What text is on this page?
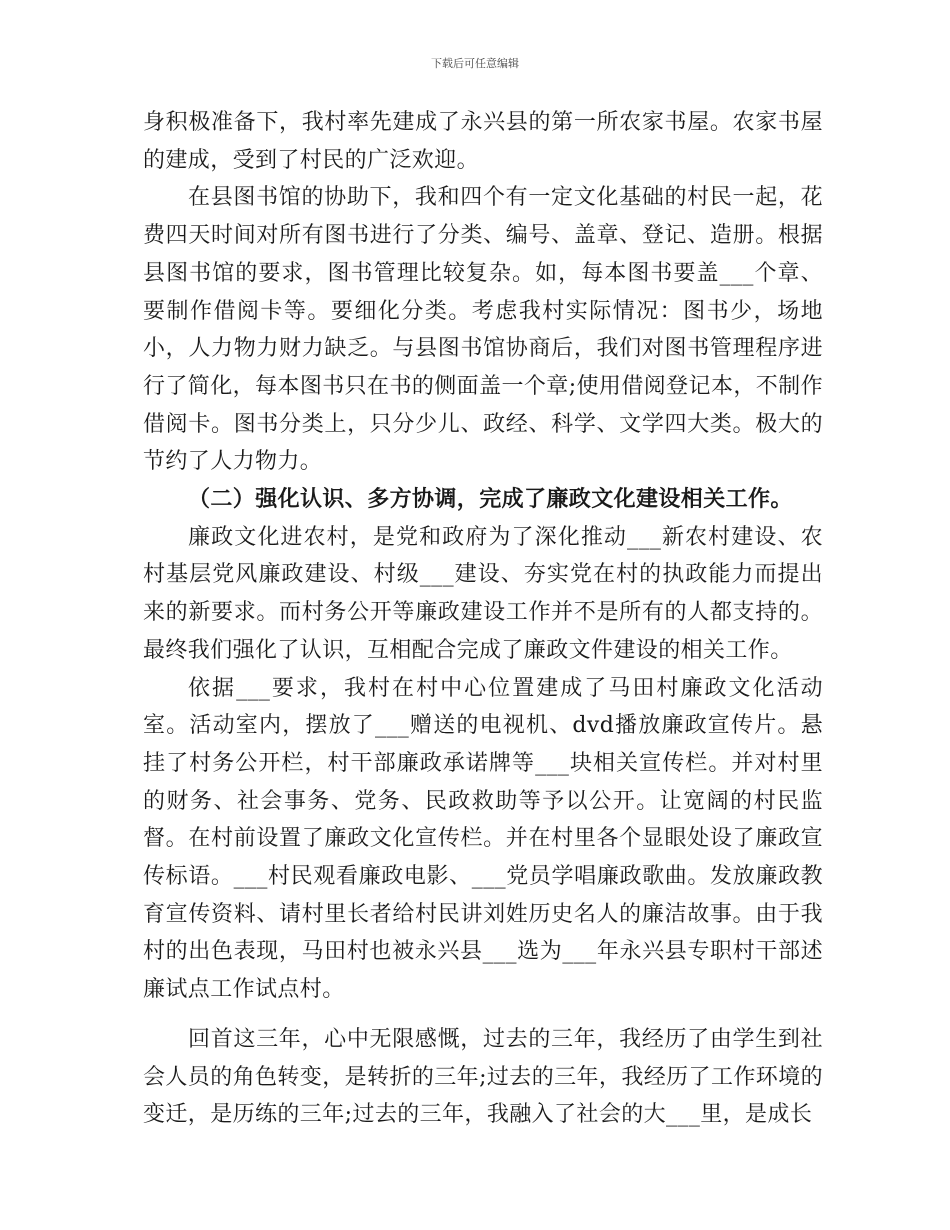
下载后可任意编辑

身积极准备下，我村率先建成了永兴县的第一所农家书屋。农家书屋的建成，受到了村民的广泛欢迎。

在县图书馆的协助下，我和四个有一定文化基础的村民一起，花费四天时间对所有图书进行了分类、编号、盖章、登记、造册。根据县图书馆的要求，图书管理比较复杂。如，每本图书要盖___个章、要制作借阅卡等。要细化分类。考虑我村实际情况：图书少，场地小，人力物力财力缺乏。与县图书馆协商后，我们对图书管理程序进行了简化，每本图书只在书的侧面盖一个章;使用借阅登记本，不制作借阅卡。图书分类上，只分少儿、政经、科学、文学四大类。极大的节约了人力物力。

（二）强化认识、多方协调，完成了廉政文化建设相关工作。

廉政文化进农村，是党和政府为了深化推动___新农村建设、农村基层党风廉政建设、村级___建设、夯实党在村的执政能力而提出来的新要求。而村务公开等廉政建设工作并不是所有的人都支持的。最终我们强化了认识，互相配合完成了廉政文件建设的相关工作。

依据___要求，我村在村中心位置建成了马田村廉政文化活动室。活动室内，摆放了___赠送的电视机、dvd播放廉政宣传片。悬挂了村务公开栏，村干部廉政承诺牌等___块相关宣传栏。并对村里的财务、社会事务、党务、民政救助等予以公开。让宽阔的村民监督。在村前设置了廉政文化宣传栏。并在村里各个显眼处设了廉政宣传标语。___村民观看廉政电影、___党员学唱廉政歌曲。发放廉政教育宣传资料、请村里长者给村民讲刘姓历史名人的廉洁故事。由于我村的出色表现，马田村也被永兴县___选为___年永兴县专职村干部述廉试点工作试点村。

回首这三年，心中无限感慨，过去的三年，我经历了由学生到社会人员的角色转变，是转折的三年;过去的三年，我经历了工作环境的变迁，是历练的三年;过去的三年，我融入了社会的大___里，是成长
